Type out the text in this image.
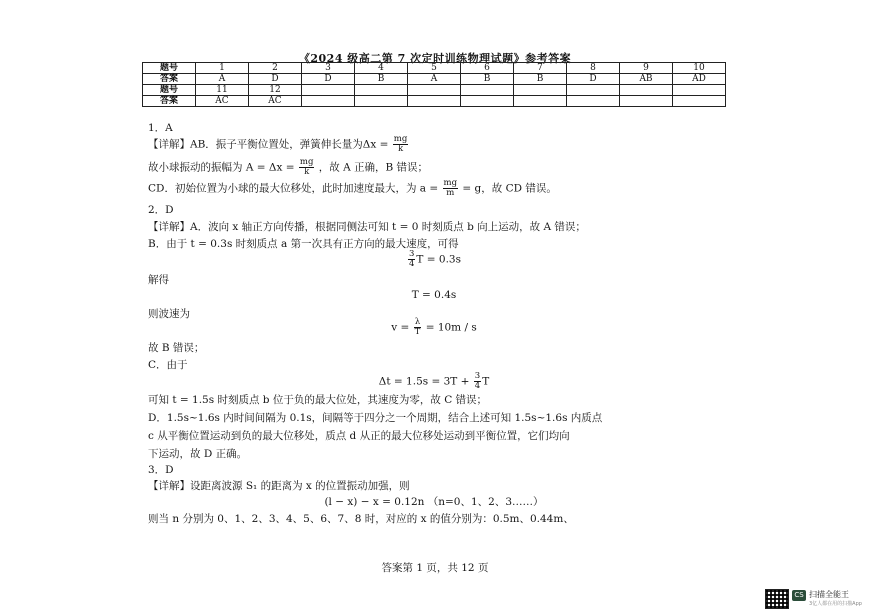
《2024 级高二第 7 次定时训练物理试题》参考答案
题号	1	2	3	4	5	6	7	8	9	10
答案	A	D	D	B	A	B	B	D	AB	AD
题号	11	12								
答案	AC	AC								
1．A
【详解】AB．振子平衡位置处，弹簧伸长量为$\Delta x = \frac{mg}{k}$
故小球振动的振幅为 $A = \Delta x = \frac{mg}{k}$ ，故 A 正确，B 错误；
CD．初始位置为小球的最大位移处，此时加速度最大，为 $a = \frac{mg}{m} = g$，故 CD 错误。
2．D
【详解】A．波向 x 轴正方向传播，根据同侧法可知 t = 0 时刻质点 b 向上运动，故 A 错误；
B．由于 t = 0.3s 时刻质点 a 第一次具有正方向的最大速度，可得
$\frac{3}{4}$ T = 0.3s
解得
T = 0.4s
则波速为
$v = \frac{\lambda}{T} = 10m / s$
故 B 错误；
C．由于
$\Delta t = 1.5s = 3T + \frac{3}{4}$ T
可知 t = 1.5s 时刻质点 b 位于负的最大位处，其速度为零，故 C 错误；
D．1.5s~1.6s 内时间间隔为 0.1s，间隔等于四分之一个周期，结合上述可知 1.5s~1.6s 内质点
c 从平衡位置运动到负的最大位移处，质点 d 从正的最大位移处运动到平衡位置，它们均向
下运动，故 D 正确。
3．D
【详解】设距离波源 S₁ 的距离为 x 的位置振动加强，则
(l − x) − x = 0.12n （n=0、1、2、3……）
则当 n 分别为 0、1、2、3、4、5、6、7、8 时，对应的 x 的值分别为：0.5m、0.44m、
答案第 1 页，共 12 页
CS 扫描全能王
3亿人都在用的扫描App
